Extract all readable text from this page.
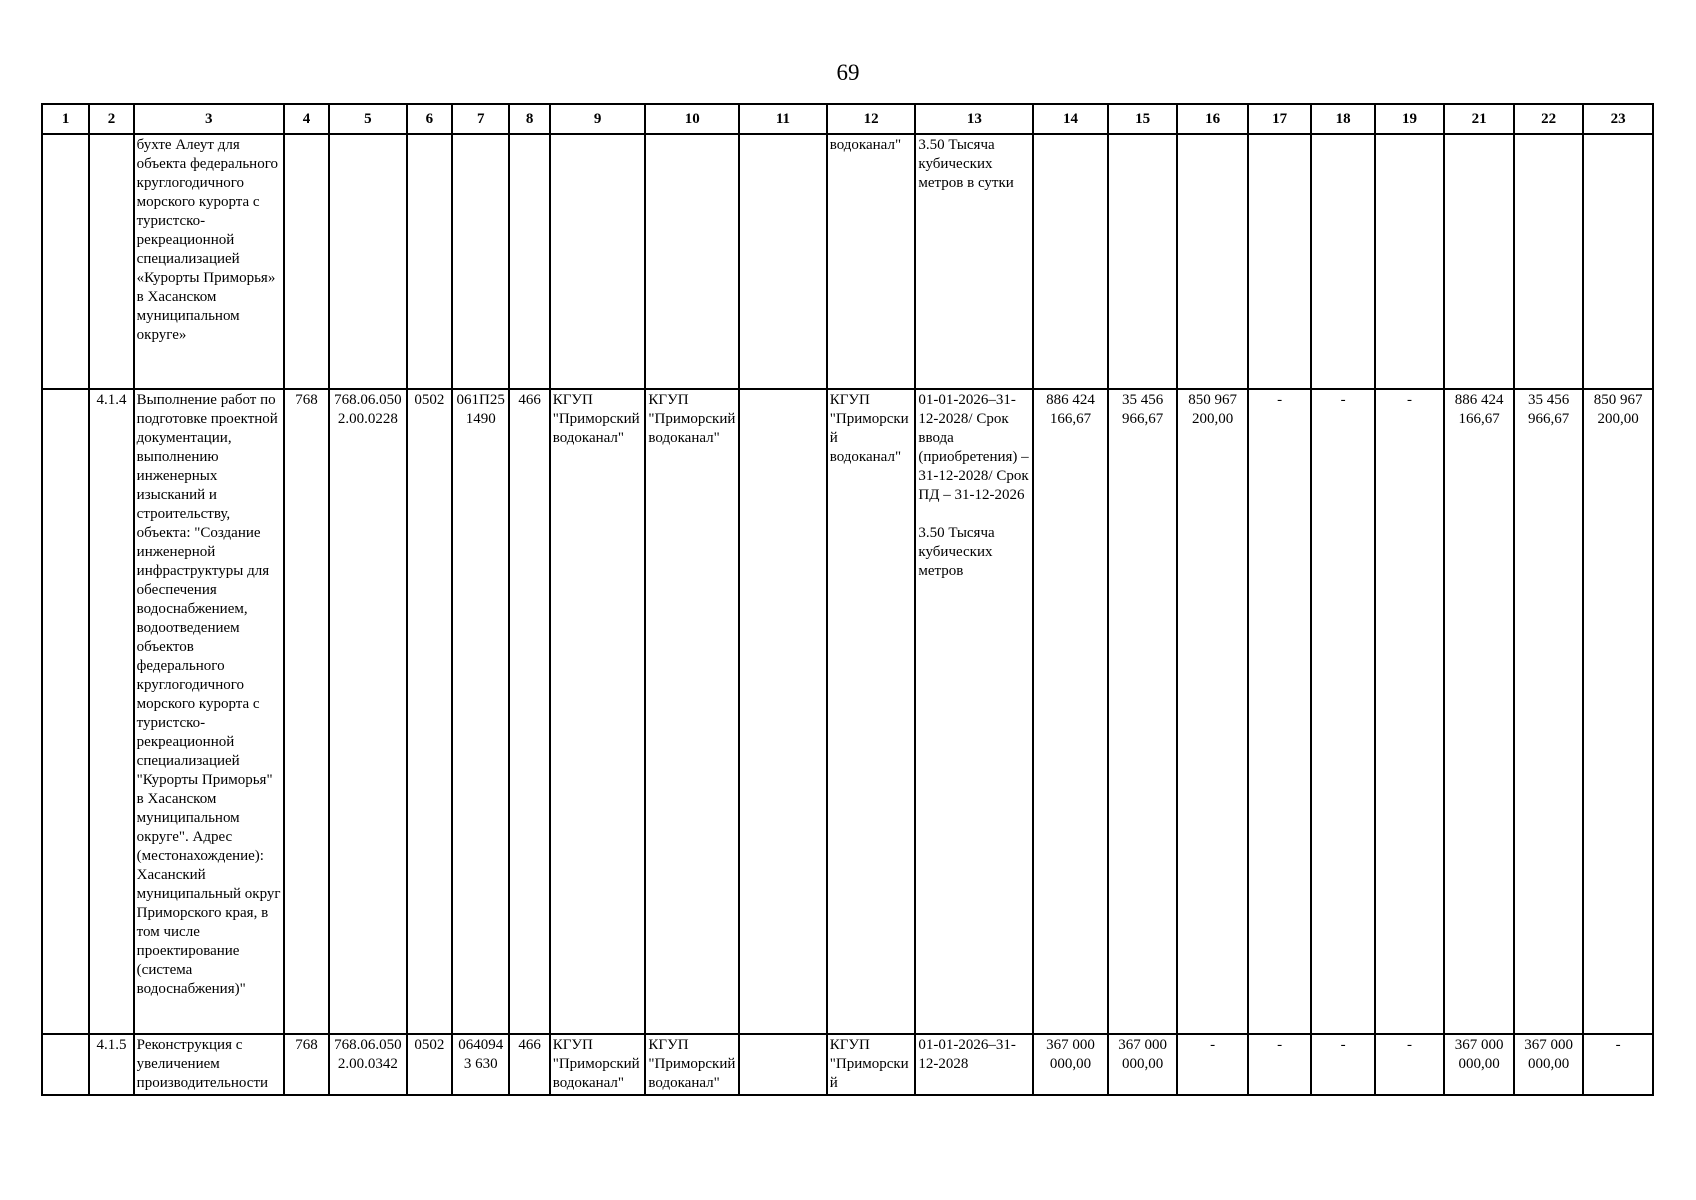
69
1	2	3	4	5	6	7	8	9	10	11	12	13	14	15	16	17	18	19	21	22	23
		бухте Алеут для объекта федерального круглогодичного морского курорта с туристско-рекреационной специализацией «Курорты Приморья» в Хасанском муниципальном округе»									водоканал"	3.50 Тысяча кубических метров в сутки									
	4.1.4	Выполнение работ по подготовке проектной документации, выполнению инженерных изысканий и строительству, объекта: "Создание инженерной инфраструктуры для обеспечения водоснабжением, водоотведением объектов федерального круглогодичного морского курорта с туристско-рекреационной специализацией "Курорты Приморья" в Хасанском муниципальном округе". Адрес (местонахождение): Хасанский муниципальный округ Приморского края, в том числе проектирование (система водоснабжения)"	768	768.06.050 2.00.0228	0502	061П25 1490	466	КГУП "Приморский водоканал"	КГУП "Приморский водоканал"		КГУП "Приморский водоканал"	01-01-2026–31-12-2028/ Срок ввода (приобретения) – 31-12-2028/ Срок ПД – 31-12-2026

3.50 Тысяча кубических метров	886 424 166,67	35 456 966,67	850 967 200,00	-	-	-	886 424 166,67	35 456 966,67	850 967 200,00
	4.1.5	Реконструкция с увеличением производительности	768	768.06.050 2.00.0342	0502	0640943 630	466	КГУП "Приморский водоканал"	КГУП "Приморский водоканал"		КГУП "Приморский	01-01-2026–31-12-2028	367 000 000,00	367 000 000,00	-	-	-	-	367 000 000,00	367 000 000,00	-
